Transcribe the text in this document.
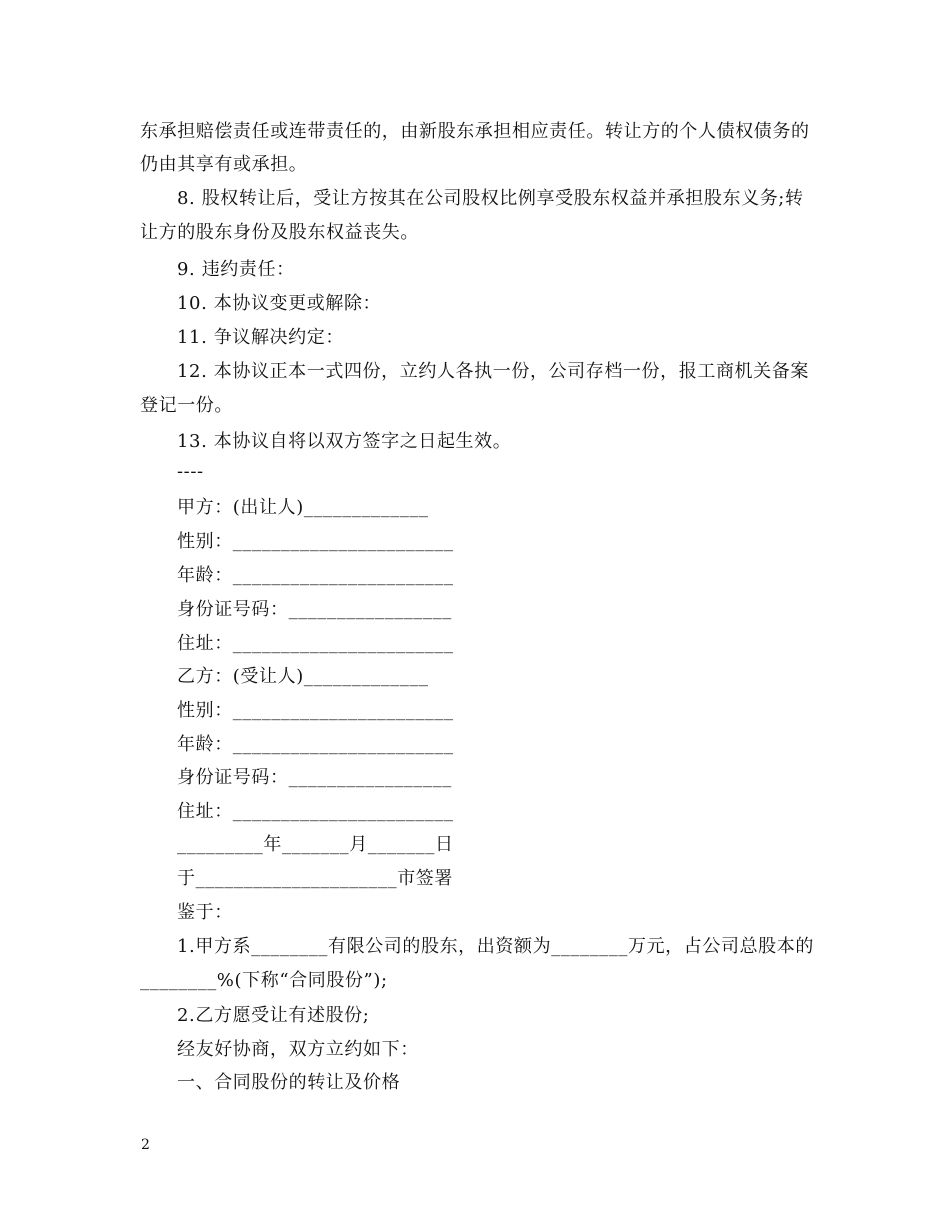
东承担赔偿责任或连带责任的，由新股东承担相应责任。转让方的个人债权债务的
仍由其享有或承担。
8. 股权转让后，受让方按其在公司股权比例享受股东权益并承担股东义务;转
让方的股东身份及股东权益丧失。
9. 违约责任：
10. 本协议变更或解除：
11. 争议解决约定：
12. 本协议正本一式四份，立约人各执一份，公司存档一份，报工商机关备案
登记一份。
13. 本协议自将以双方签字之日起生效。
----
甲方：(出让人)_____________
性别：_______________________
年龄：_______________________
身份证号码：_________________
住址：_______________________
乙方：(受让人)_____________
性别：_______________________
年龄：_______________________
身份证号码：_________________
住址：_______________________
_________年_______月_______日
于_____________________市签署
鉴于：
1.甲方系________有限公司的股东，出资额为________万元，占公司总股本的
________%(下称“合同股份”);
2.乙方愿受让有述股份;
经友好协商，双方立约如下：
一、合同股份的转让及价格
2
